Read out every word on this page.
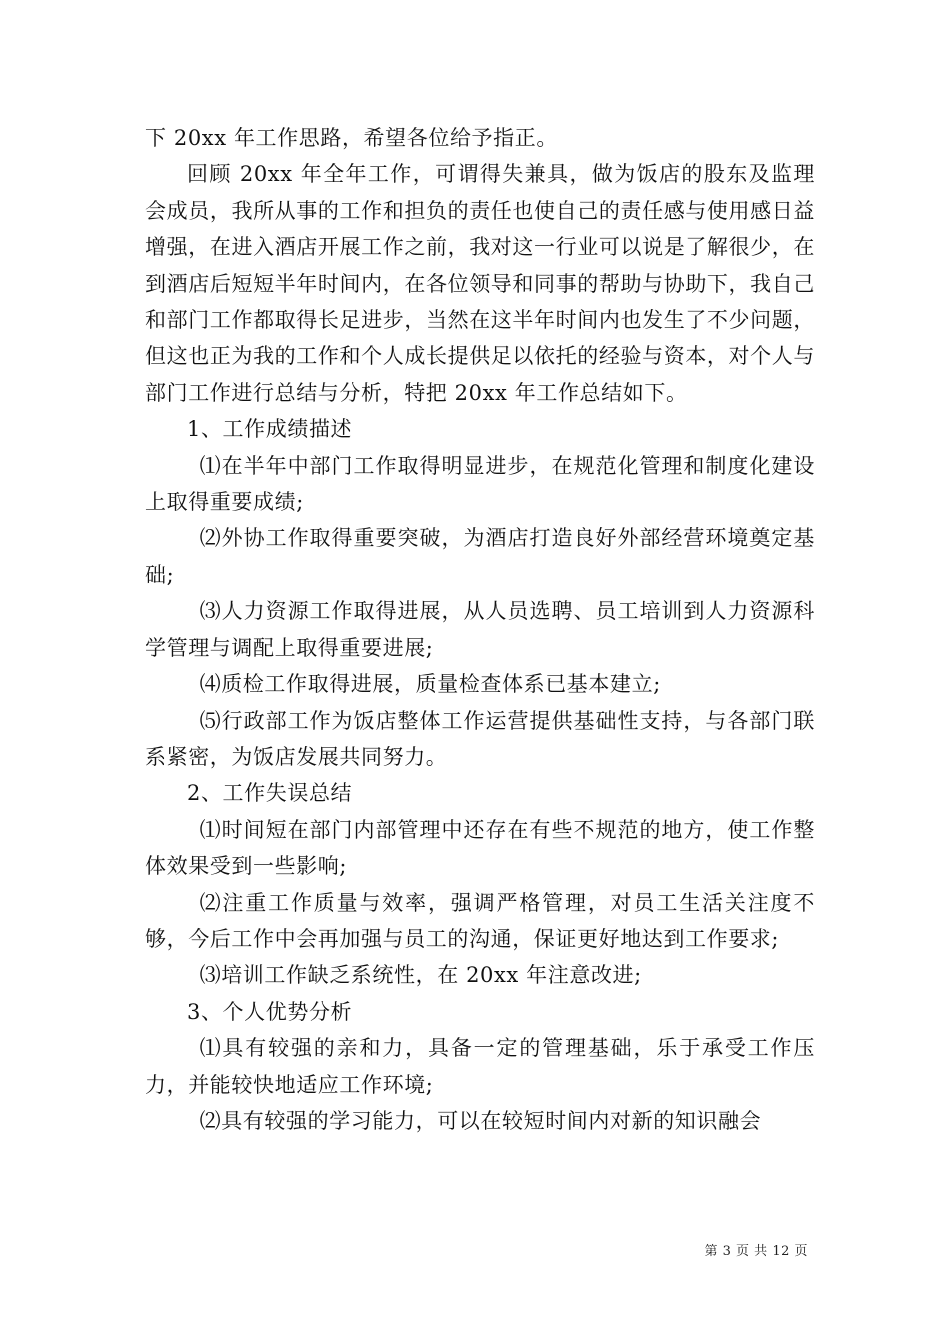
下 20xx 年工作思路，希望各位给予指正。

回顾 20xx 年全年工作，可谓得失兼具，做为饭店的股东及监理会成员，我所从事的工作和担负的责任也使自己的责任感与使用感日益增强，在进入酒店开展工作之前，我对这一行业可以说是了解很少，在到酒店后短短半年时间内，在各位领导和同事的帮助与协助下，我自己和部门工作都取得长足进步，当然在这半年时间内也发生了不少问题，但这也正为我的工作和个人成长提供足以依托的经验与资本，对个人与部门工作进行总结与分析，特把 20xx 年工作总结如下。

1、工作成绩描述

⑴在半年中部门工作取得明显进步，在规范化管理和制度化建设上取得重要成绩;

⑵外协工作取得重要突破，为酒店打造良好外部经营环境奠定基础;

⑶人力资源工作取得进展，从人员选聘、员工培训到人力资源科学管理与调配上取得重要进展;

⑷质检工作取得进展，质量检查体系已基本建立;

⑸行政部工作为饭店整体工作运营提供基础性支持，与各部门联系紧密，为饭店发展共同努力。

2、工作失误总结

⑴时间短在部门内部管理中还存在有些不规范的地方，使工作整体效果受到一些影响;

⑵注重工作质量与效率，强调严格管理，对员工生活关注度不够，今后工作中会再加强与员工的沟通，保证更好地达到工作要求;

⑶培训工作缺乏系统性，在 20xx 年注意改进;

3、个人优势分析

⑴具有较强的亲和力，具备一定的管理基础，乐于承受工作压力，并能较快地适应工作环境;

⑵具有较强的学习能力，可以在较短时间内对新的知识融会

第 3 页 共 12 页
